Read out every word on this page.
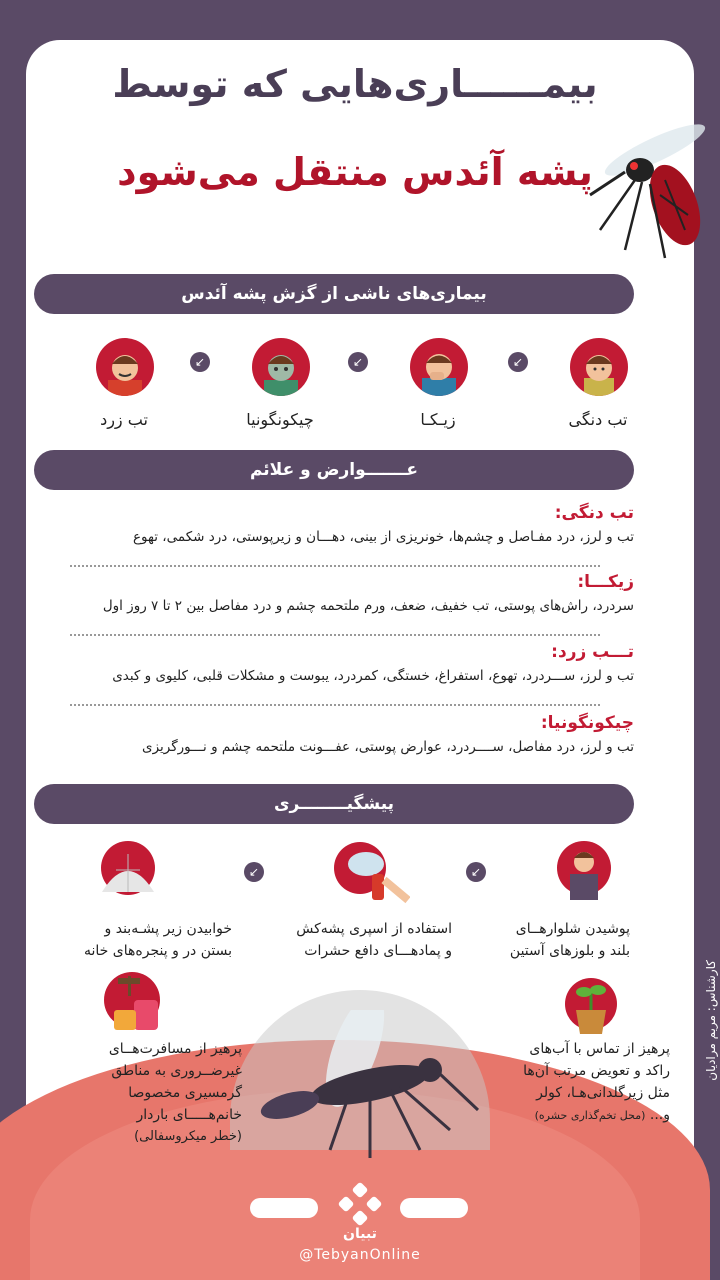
بیمــــــاری‌هایی که توسط
پشه آئدس منتقل می‌شود
بیماری‌های ناشی از گزش پشه آئدس
تب دنگی
↙
زیـکـا
↙
چیکونگونیا
↙
تب زرد
عـــــــوارض و علائم
تب دنگی:
تب و لرز، درد مفـاصل و چشم‌ها، خونریزی از بینی، دهـــان و زیرپوستی، درد شکمی، تهوع
زیکـــا:
سردرد، راش‌های پوستی، تب خفیف، ضعف، ورم ملتحمه چشم و درد مفاصل بین ۲ تا ۷ روز اول
تـــب زرد:
تب و لرز، ســـردرد، تهوع، استفراغ، خستگی، کمردرد، یبوست و مشکلات قلبی، کلیوی و کبدی
چیکونگونیا:
تب و لرز، درد مفاصل، ســــردرد، عوارض پوستی، عفـــونت ملتحمه چشم و نـــورگریزی
پیشگیــــــــری
پوشیدن شلوارهــای
بلند و بلوزهای آستین
↙
استفاده از اسپری پشه‌کش
و پمادهـــای دافع حشرات
↙
خوابیدن زیر پشـه‌بند و
بستن در و پنجره‌های خانه
پرهیز از تماس با آب‌های
راکد و تعویض مرتب آن‌ها
مثل زیرگلدانی‌هـا، کولر
و... (محل تخم‌گذاری حشره)
پرهیز از مسافرت‌هــای
غیرضــروری به مناطق
گرمسیری مخصوصا
خانم‌هـــــای باردار
(خطر میکروسفالی)
کارشناس: مریم مرادیان
تبیان
@TebyanOnline
